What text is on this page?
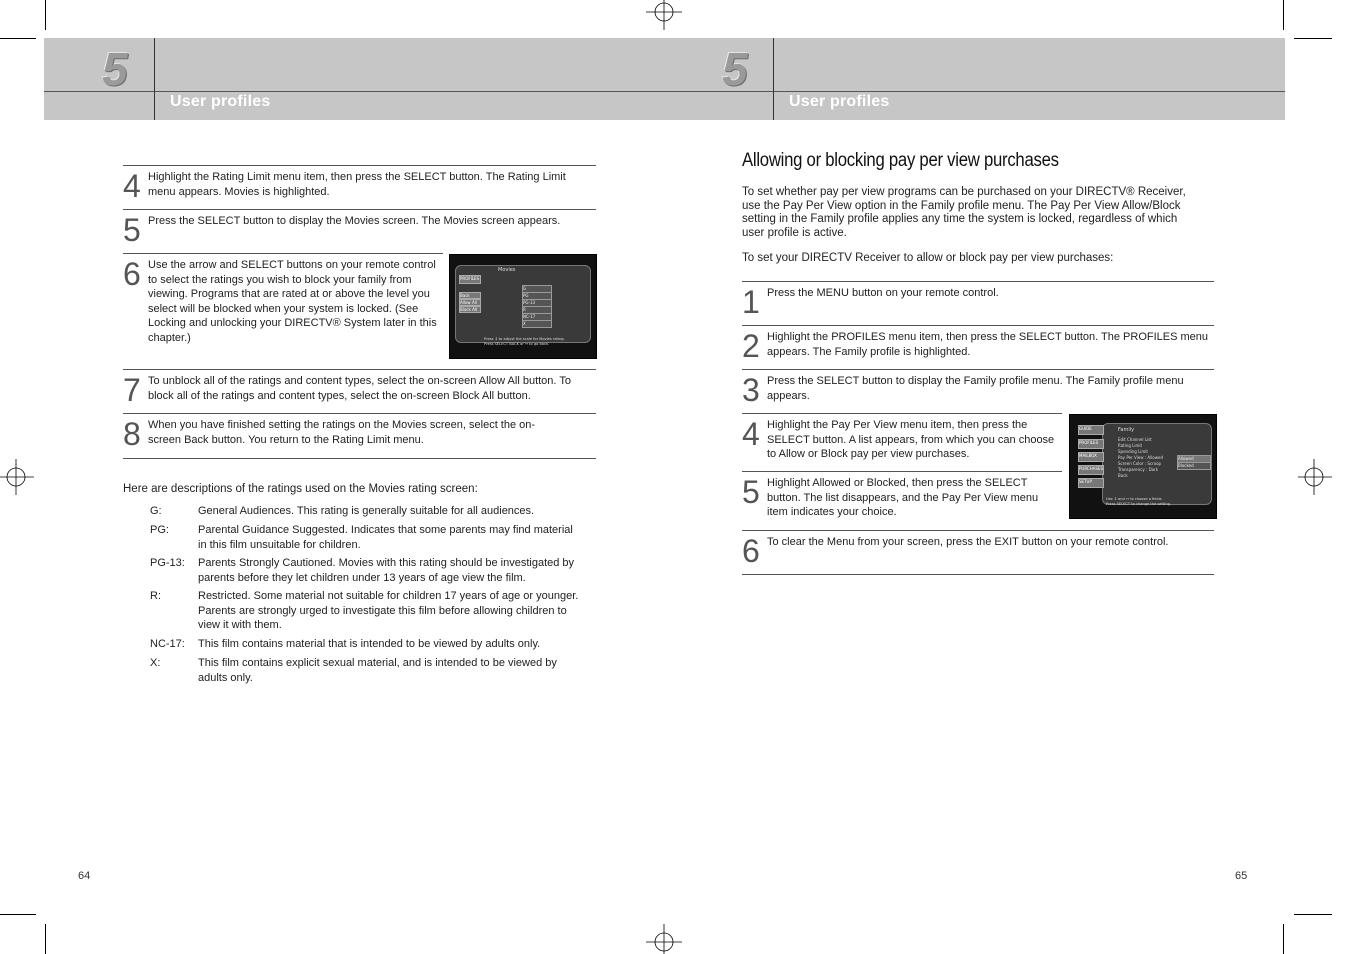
5
User profiles
5
User profiles
4 Highlight the Rating Limit menu item, then press the SELECT button. The Rating Limit menu appears. Movies is highlighted.
5 Press the SELECT button to display the Movies screen. The Movies screen appears.
6 Use the arrow and SELECT buttons on your remote control to select the ratings you wish to block your family from viewing. Programs that are rated at or above the level you select will be blocked when your system is locked. (See Locking and unlocking your DIRECTV® System later in this chapter.)
Movies
PROFILES
Back
Allow All
Block All
G
PG
PG-13
R
NC-17
X
Press ↕ to adjust the scale for Movies rating.
Press SELECT BACK or ↔ to go back.
7 To unblock all of the ratings and content types, select the on-screen Allow All button. To block all of the ratings and content types, select the on-screen Block All button.
8 When you have finished setting the ratings on the Movies screen, select the on-screen Back button. You return to the Rating Limit menu.
Here are descriptions of the ratings used on the Movies rating screen:
G:	General Audiences. This rating is generally suitable for all audiences.
PG:	Parental Guidance Suggested. Indicates that some parents may find material in this film unsuitable for children.
PG-13: Parents Strongly Cautioned. Movies with this rating should be investigated by parents before they let children under 13 years of age view the film.
R:	Restricted. Some material not suitable for children 17 years of age or younger. Parents are strongly urged to investigate this film before allowing children to view it with them.
NC-17: This film contains material that is intended to be viewed by adults only.
X:	This film contains explicit sexual material, and is intended to be viewed by adults only.
64
Allowing or blocking pay per view purchases
To set whether pay per view programs can be purchased on your DIRECTV® Receiver, use the Pay Per View option in the Family profile menu. The Pay Per View Allow/Block setting in the Family profile applies any time the system is locked, regardless of which user profile is active.
To set your DIRECTV Receiver to allow or block pay per view purchases:
1 Press the MENU button on your remote control.
2 Highlight the PROFILES menu item, then press the SELECT button. The PROFILES menu appears. The Family profile is highlighted.
3 Press the SELECT button to display the Family profile menu. The Family profile menu appears.
4 Highlight the Pay Per View menu item, then press the SELECT button. A list appears, from which you can choose to Allow or Block pay per view purchases.
5 Highlight Allowed or Blocked, then press the SELECT button. The list disappears, and the Pay Per View menu item indicates your choice.
Family
GUIDE
PROFILES
MAILBOX
PURCHASES
SETUP
Edit Channel List
Rating Limit
Spending Limit
Pay Per View : Allowed
Screen Color : Scroop
Transparency : Dark
Back
Allowed
Blocked
Use ↕ and ↔ to choose a fields
Press SELECT to change the setting.
6 To clear the Menu from your screen, press the EXIT button on your remote control.
65
